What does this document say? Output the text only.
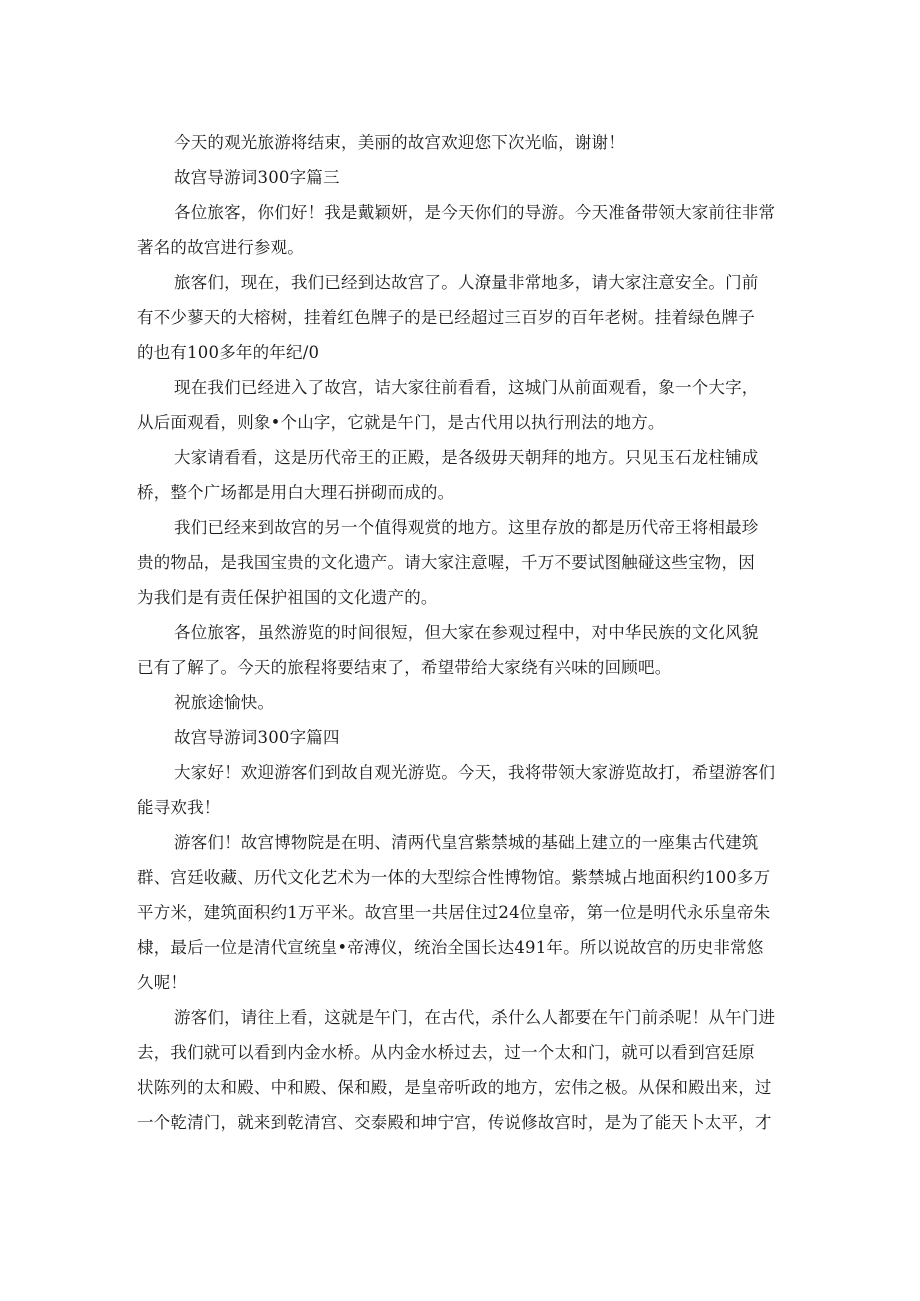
今天的观光旅游将结束，美丽的故宫欢迎您下次光临，谢谢！
故宫导游词300字篇三
各位旅客，你们好！我是戴颖妍，是今天你们的导游。今天准备带领大家前往非常
著名的故宫进行参观。
旅客们，现在，我们已经到达故宫了。人潦量非常地多，请大家注意安全。门前
有不少蓼天的大榕树，挂着红色牌子的是已经超过三百岁的百年老树。挂着绿色牌子
的也有100多年的年纪/0
现在我们已经进入了故宫，诘大家往前看看，这城门从前面观看，象一个大字，
从后面观看，则象•个山字，它就是午门，是古代用以执行刑法的地方。
大家请看看，这是历代帝王的正殿，是各级毋天朝拜的地方。只见玉石龙柱铺成
桥，整个广场都是用白大理石拼砌而成的。
我们已经来到故宫的另一个值得观赏的地方。这里存放的都是历代帝王将相最珍
贵的物品，是我国宝贵的文化遗产。请大家注意喔，千万不要试图触碰这些宝物，因
为我们是有责任保护祖国的文化遗产的。
各位旅客，虽然游览的时间很短，但大家在参观过程中，对中华民族的文化风貌
已有了解了。今天的旅程将要结束了，希望带给大家绕有兴味的回顾吧。
祝旅途愉快。
故宫导游词300字篇四
大家好！欢迎游客们到故自观光游览。今天，我将带领大家游览故打，希望游客们
能寻欢我！
游客们！故宫博物院是在明、清两代皇宫紫禁城的基础上建立的一座集古代建筑
群、宫廷收藏、历代文化艺术为一体的大型综合性博物馆。紫禁城占地面积约100多万
平方米，建筑面积约1万平米。故宫里一共居住过24位皇帝，第一位是明代永乐皇帝朱
棣，最后一位是清代宣统皇•帝溥仪，统治全国长达491年。所以说故宫的历史非常悠
久呢！
游客们，请往上看，这就是午门，在古代，杀什么人都要在午门前杀呢！从午门进
去，我们就可以看到内金水桥。从内金水桥过去，过一个太和门，就可以看到宫廷原
状陈列的太和殿、中和殿、保和殿，是皇帝听政的地方，宏伟之极。从保和殿出来，过
一个乾清门，就来到乾清宫、交泰殿和坤宁宫，传说修故宫时，是为了能天卜太平，才
